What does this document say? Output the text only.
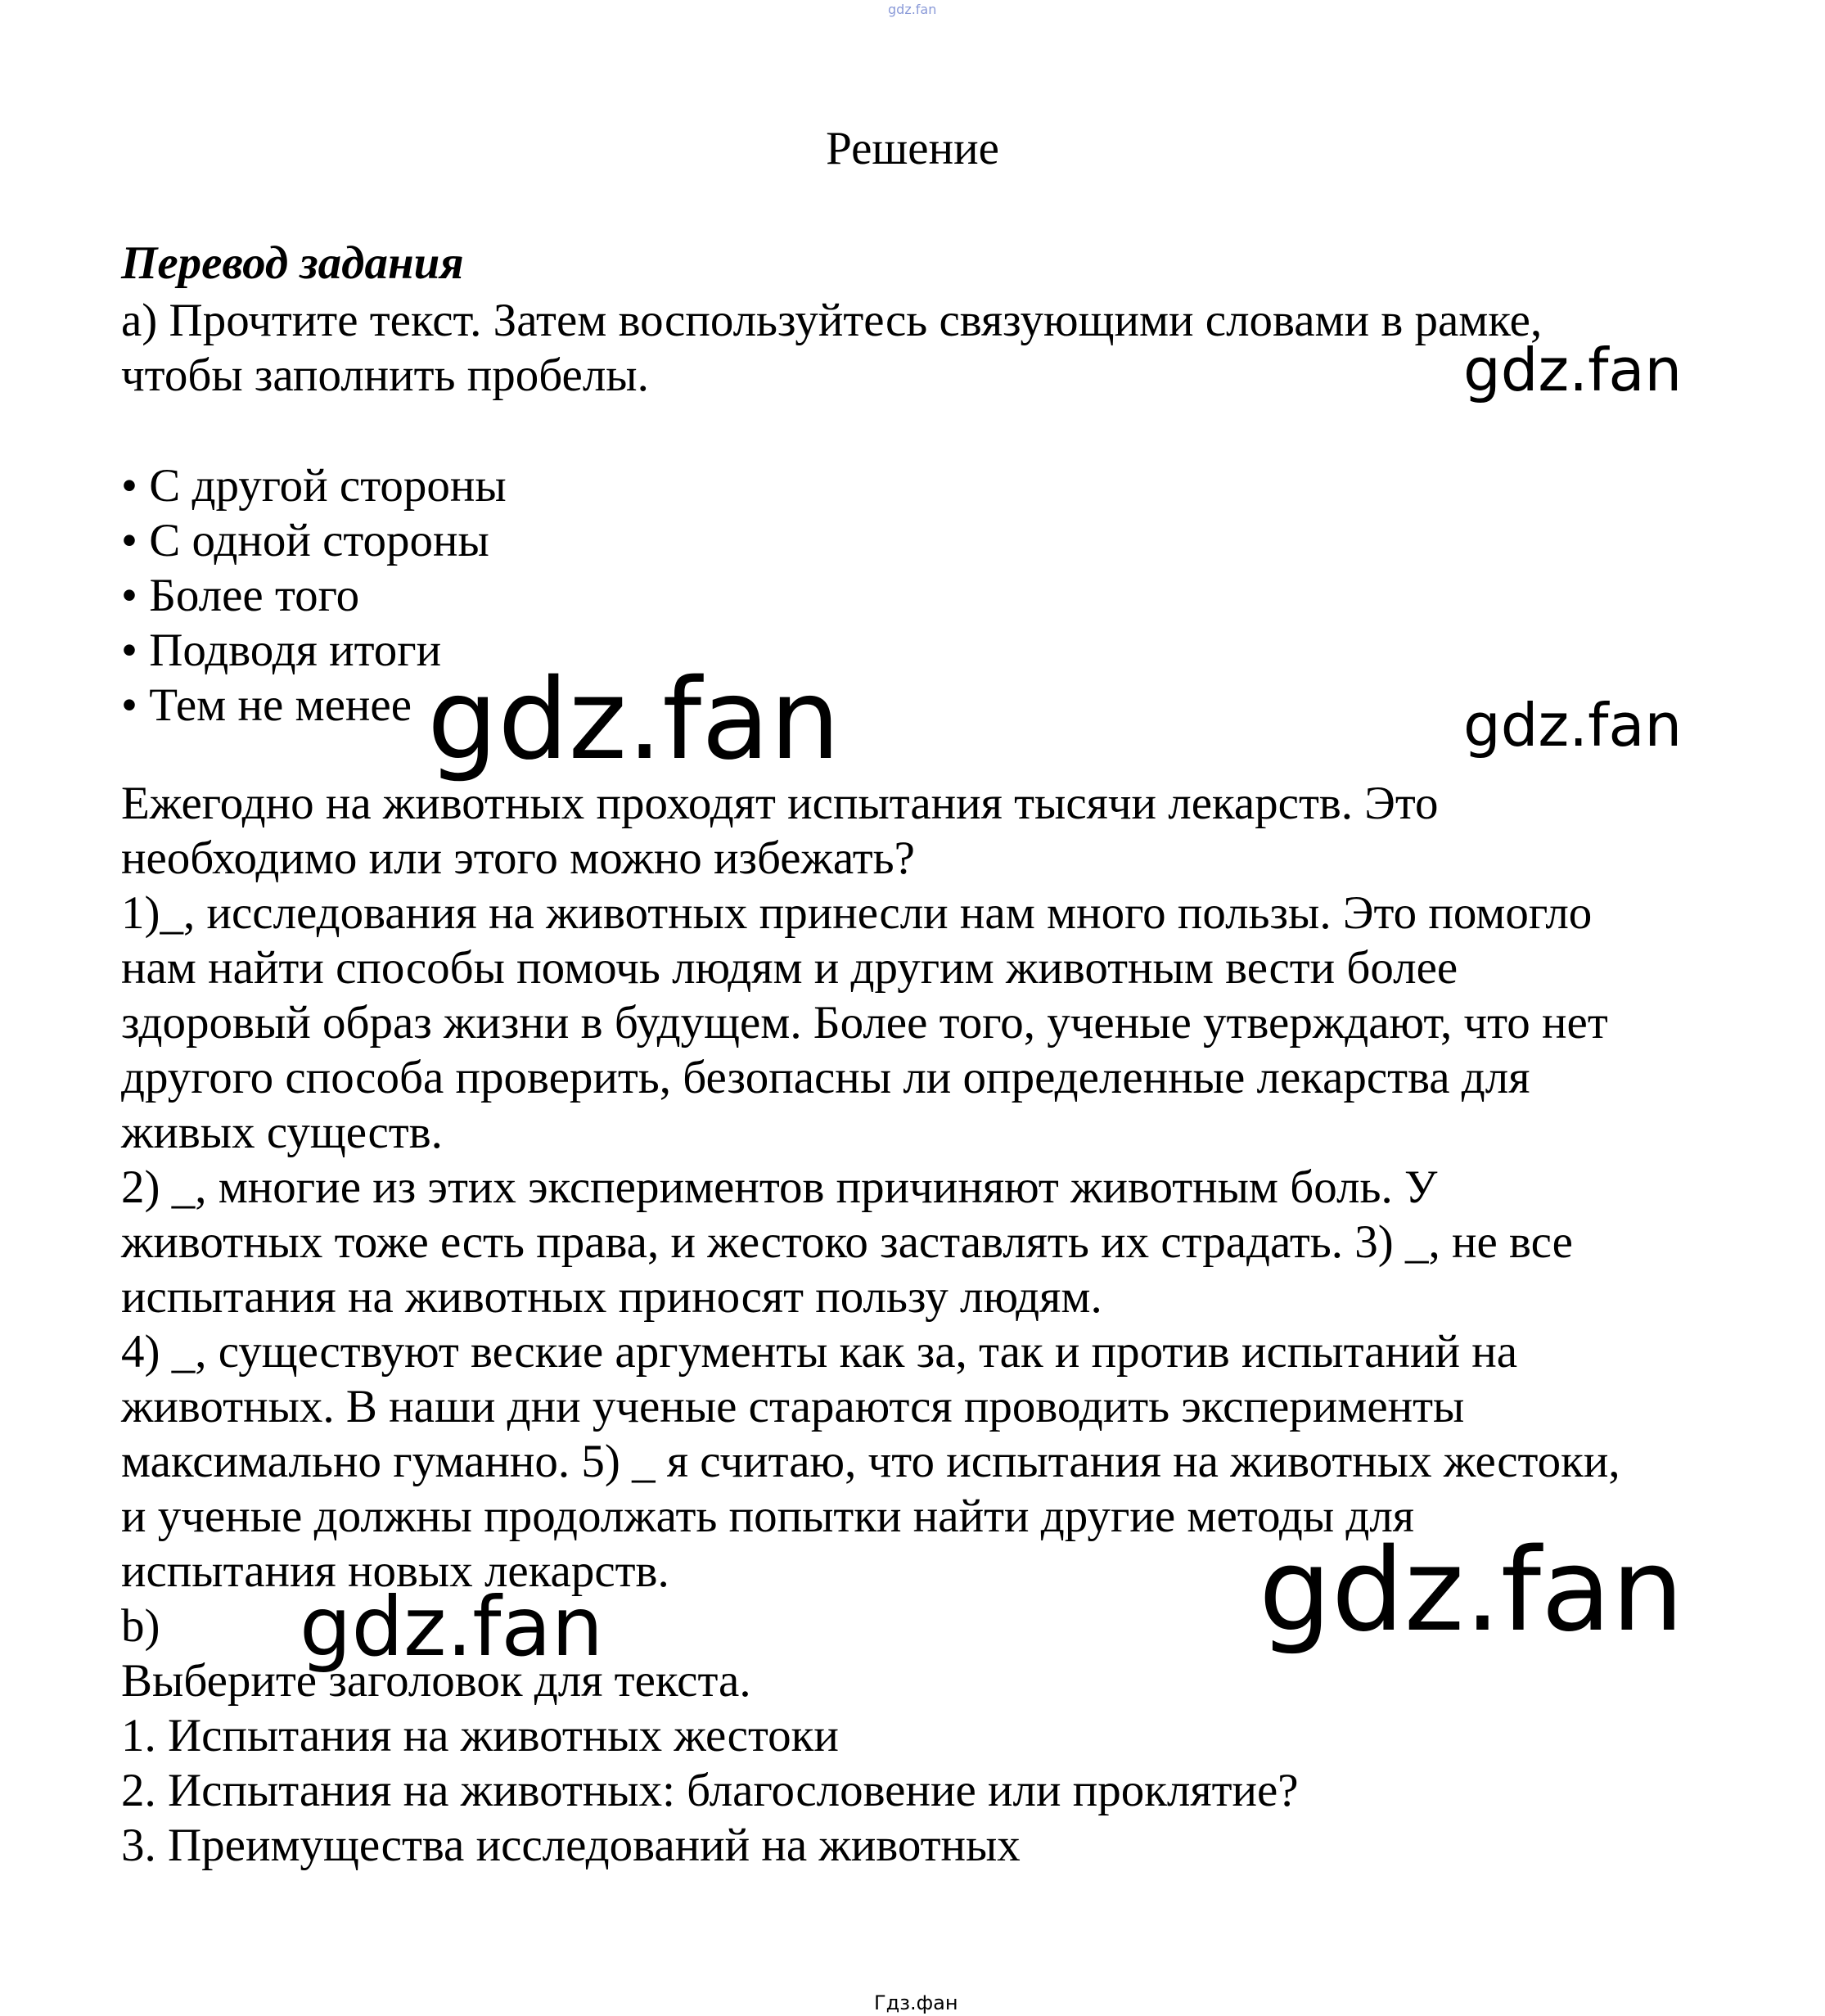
gdz.fan
Решение
Перевод задания
a) Прочтите текст. Затем воспользуйтесь связующими словами в рамке,
чтобы заполнить пробелы.
• С другой стороны
• С одной стороны
• Более того
• Подводя итоги
• Тем не менее
Ежегодно на животных проходят испытания тысячи лекарств. Это
необходимо или этого можно избежать?
1)_, исследования на животных принесли нам много пользы. Это помогло
нам найти способы помочь людям и другим животным вести более
здоровый образ жизни в будущем. Более того, ученые утверждают, что нет
другого способа проверить, безопасны ли определенные лекарства для
живых существ.
2) _, многие из этих экспериментов причиняют животным боль. У
животных тоже есть права, и жестоко заставлять их страдать. 3) _, не все
испытания на животных приносят пользу людям.
4) _, существуют веские аргументы как за, так и против испытаний на
животных. В наши дни ученые стараются проводить эксперименты
максимально гуманно. 5) _ я считаю, что испытания на животных жестоки,
и ученые должны продолжать попытки найти другие методы для
испытания новых лекарств.
b)
Выберите заголовок для текста.
1. Испытания на животных жестоки
2. Испытания на животных: благословение или проклятие?
3. Преимущества исследований на животных
gdz.fan
gdz.fan	gdz.fan
gdz.fan
gdz.fan
Гдз.фан
